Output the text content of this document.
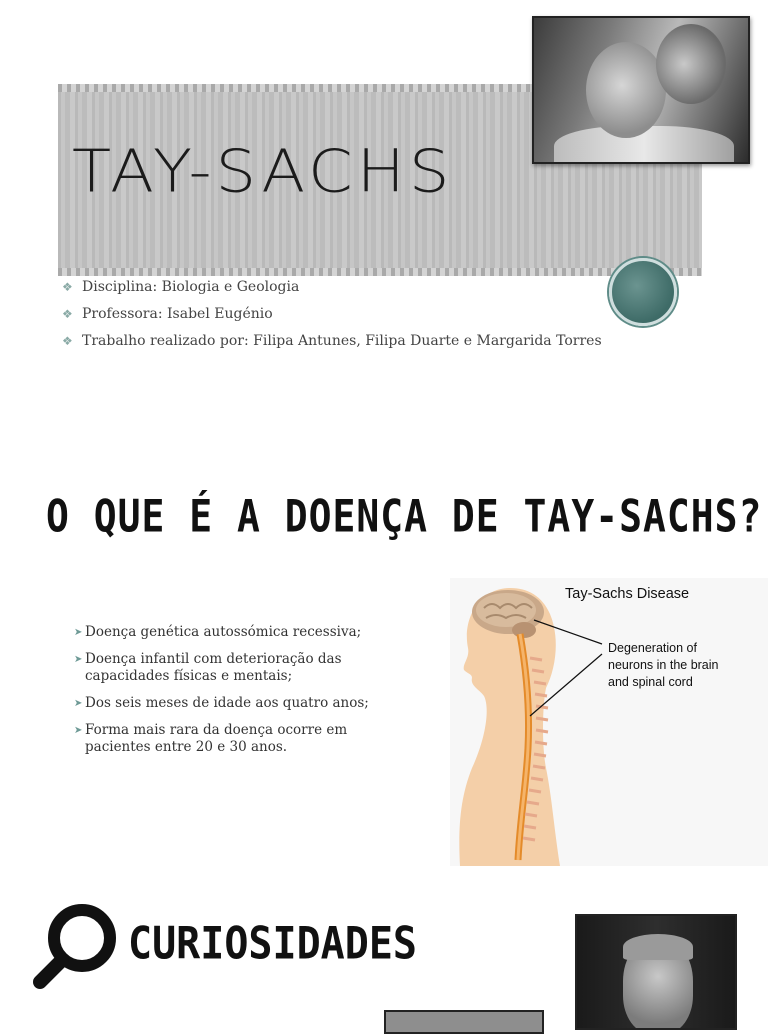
TAY-SACHS
❖ Disciplina: Biologia e Geologia
❖ Professora: Isabel Eugénio
❖ Trabalho realizado por: Filipa Antunes, Filipa Duarte e Margarida Torres
O QUE É A DOENÇA DE TAY-SACHS?
➤ Doença genética autossómica recessiva;
➤ Doença infantil com deterioração das capacidades físicas e mentais;
➤ Dos seis meses de idade aos quatro anos;
➤ Forma mais rara da doença ocorre em pacientes entre 20 e 30 anos.
Tay-Sachs Disease
Degeneration of
neurons in the brain
and spinal cord
CURIOSIDADES
